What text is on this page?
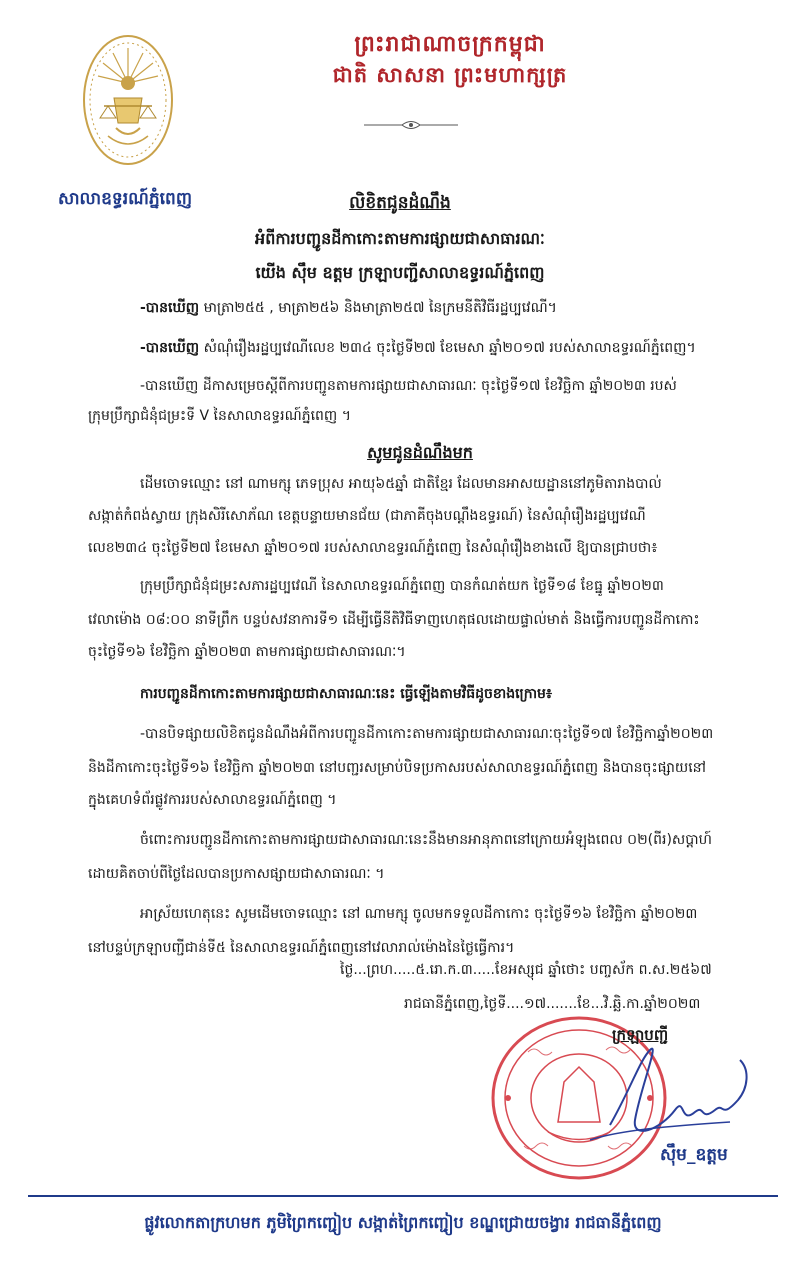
សាលាឧទ្ធរណ៍ភ្នំពេញ
ព្រះរាជាណាចក្រកម្ពុជា
ជាតិ សាសនា ព្រះមហាក្សត្រ
លិខិតជូនដំណឹង
អំពីការបញ្ជូនដីកាកោះតាមការផ្សាយជាសាធារណៈ
យើង ស៊ឹម ឧត្តម ក្រឡាបញ្ជីសាលាឧទ្ធរណ៍ភ្នំពេញ
-បានឃើញ មាត្រា២៥៥ , មាត្រា២៥៦ និងមាត្រា២៥៧ នៃក្រមនីតិវិធីរដ្ឋប្បវេណី។
-បានឃើញ សំណុំរឿងរដ្ឋប្បវេណីលេខ ២៣៤ ចុះថ្ងៃទី២៧ ខែមេសា ឆ្នាំ២០១៧ របស់សាលាឧទ្ធរណ៍ភ្នំពេញ។
-បានឃើញ ដីកាសម្រេចស្តីពីការបញ្ជូនតាមការផ្សាយជាសាធារណៈ ចុះថ្ងៃទី១៧ ខែវិច្ឆិកា ឆ្នាំ២០២៣ របស់
ក្រុមប្រឹក្សាជំនុំជម្រះទី V នៃសាលាឧទ្ធរណ៍ភ្នំពេញ ។
សូមជូនដំណឹងមក
ដើមចោទឈ្មោះ នៅ ណាមក្សុ ភេទប្រុស អាយុ៦៥ឆ្នាំ ជាតិខ្មែរ ដែលមានអាសយដ្ឋាននៅភូមិតារាងបាល់
សង្កាត់កំពង់ស្វាយ ក្រុងសិរីសោភ័ណ ខេត្តបន្ទាយមានជ័យ (ជាភាគីចុងបណ្តឹងឧទ្ធរណ៍) នៃសំណុំរឿងរដ្ឋប្បវេណី
លេខ២៣៤ ចុះថ្ងៃទី២៧ ខែមេសា ឆ្នាំ២០១៧ របស់សាលាឧទ្ធរណ៍ភ្នំពេញ នៃសំណុំរឿងខាងលើ ឱ្យបានជ្រាបថា៖
ក្រុមប្រឹក្សាជំនុំជម្រះសភារដ្ឋប្បវេណី នៃសាលាឧទ្ធរណ៍ភ្នំពេញ បានកំណត់យក ថ្ងៃទី១៨ ខែធ្នូ ឆ្នាំ២០២៣
វេលាម៉ោង ០៨:០០ នាទីព្រឹក បន្ទប់សវនាការទី១ ដើម្បីធ្វើនីតិវិធីទាញហេតុផលដោយផ្ទាល់មាត់ និងធ្វើការបញ្ជូនដីកាកោះ
ចុះថ្ងៃទី១៦ ខែវិច្ឆិកា ឆ្នាំ២០២៣ តាមការផ្សាយជាសាធារណៈ។
ការបញ្ជូនដីកាកោះតាមការផ្សាយជាសាធារណៈនេះ ធ្វើឡើងតាមវិធីដូចខាងក្រោម៖
-បានបិទផ្សាយលិខិតជូនដំណឹងអំពីការបញ្ជូនដីកាកោះតាមការផ្សាយជាសាធារណៈចុះថ្ងៃទី១៧ ខែវិច្ឆិកាឆ្នាំ២០២៣
និងដីកាកោះចុះថ្ងៃទី១៦ ខែវិច្ឆិកា ឆ្នាំ២០២៣ នៅបញ្ជរសម្រាប់បិទប្រកាសរបស់សាលាឧទ្ធរណ៍ភ្នំពេញ និងបានចុះផ្សាយនៅ
ក្នុងគេហទំព័រផ្លូវការរបស់សាលាឧទ្ធរណ៍ភ្នំពេញ ។
ចំពោះការបញ្ជូនដីកាកោះតាមការផ្សាយជាសាធារណៈនេះនឹងមានអានុភាពនៅក្រោយអំឡុងពេល ០២(ពីរ)សប្តាហ៍
ដោយគិតចាប់ពីថ្ងៃដែលបានប្រកាសផ្សាយជាសាធារណៈ ។
អាស្រ័យហេតុនេះ សូមដើមចោទឈ្មោះ នៅ ណាមក្សុ ចូលមកទទួលដីកាកោះ ចុះថ្ងៃទី១៦ ខែវិច្ឆិកា ឆ្នាំ២០២៣
នៅបន្ទប់ក្រឡាបញ្ជីជាន់ទី៥ នៃសាលាឧទ្ធរណ៍ភ្នំពេញនៅវេលារាល់ម៉ោងនៃថ្ងៃធ្វើការ។
ថ្ងៃ...ព្រហ.....៥.រោ.ក.៣.....ខែអស្សុជ ឆ្នាំថោះ បញ្ចស័ក ព.ស.២៥៦៧
រាជធានីភ្នំពេញ,ថ្ងៃទី....១៧.......ខែ...វិ.ឆ្ឆិ.កា.ឆ្នាំ២០២៣
ក្រឡាបញ្ជី
ស៊ឹម_ឧត្តម
ផ្លូវលោកតាក្រហមក ភូមិព្រៃកញ្ជៀប សង្កាត់ព្រៃកញ្ជៀប ខណ្ឌជ្រោយចង្វារ រាជធានីភ្នំពេញ
